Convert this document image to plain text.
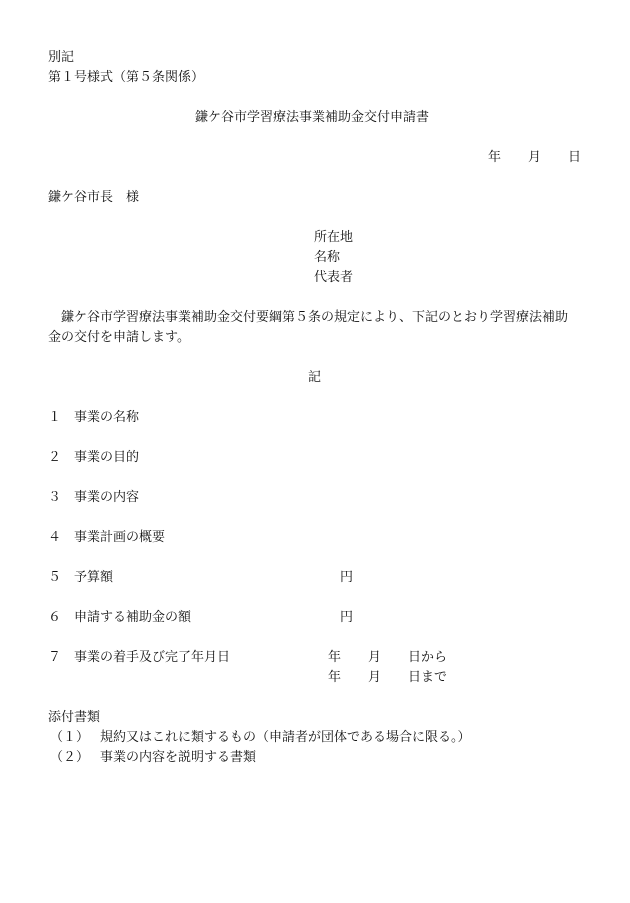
別記
第１号様式（第５条関係）
鎌ケ谷市学習療法事業補助金交付申請書
年 月 日
鎌ケ谷市長　様
所在地
名称
代表者
鎌ケ谷市学習療法事業補助金交付要綱第５条の規定により、下記のとおり学習療法補助
金の交付を申請します。
記
１ 事業の名称
２ 事業の目的
３ 事業の内容
４ 事業計画の概要
５ 予算額	円
６ 申請する補助金の額	円
７ 事業の着手及び完了年月日	年 月 日から
年 月 日まで
添付書類
（１） 規約又はこれに類するもの（申請者が団体である場合に限る。）
（２） 事業の内容を説明する書類
